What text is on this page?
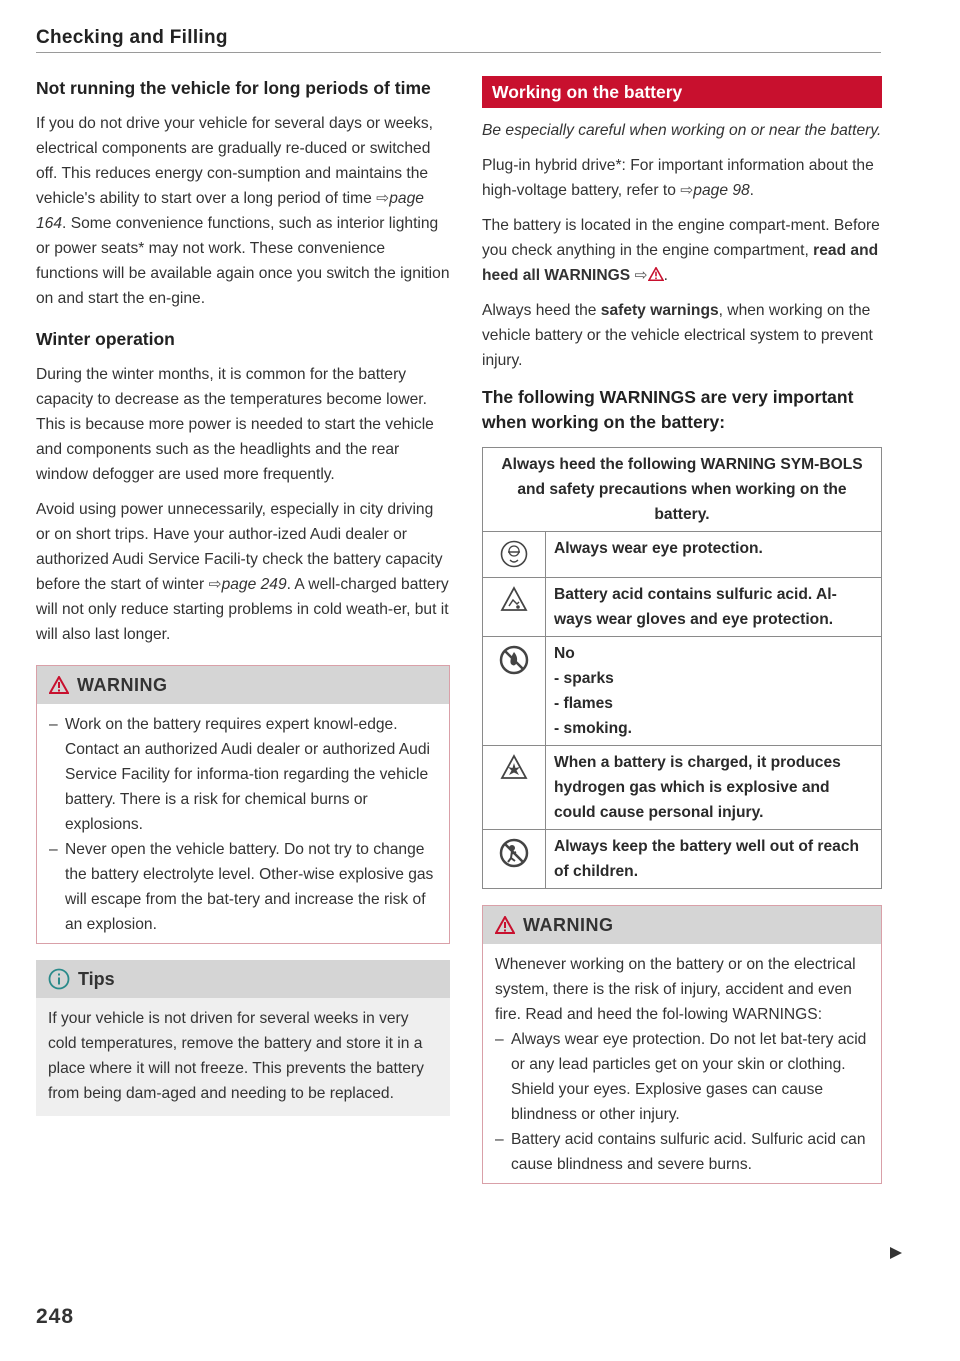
Checking and Filling
Not running the vehicle for long periods of time

If you do not drive your vehicle for several days or weeks, electrical components are gradually re-duced or switched off. This reduces energy con-sumption and maintains the vehicle's ability to start over a long period of time ⇨page 164. Some convenience functions, such as interior lighting or power seats* may not work. These convenience functions will be available again once you switch the ignition on and start the en-gine.

Winter operation

During the winter months, it is common for the battery capacity to decrease as the temperatures become lower. This is because more power is needed to start the vehicle and components such as the headlights and the rear window defogger are used more frequently.

Avoid using power unnecessarily, especially in city driving or on short trips. Have your author-ized Audi dealer or authorized Audi Service Facili-ty check the battery capacity before the start of winter ⇨page 249. A well-charged battery will not only reduce starting problems in cold weath-er, but it will also last longer.

WARNING
– Work on the battery requires expert knowl-edge. Contact an authorized Audi dealer or authorized Audi Service Facility for informa-tion regarding the vehicle battery. There is a risk for chemical burns or explosions.
– Never open the vehicle battery. Do not try to change the battery electrolyte level. Other-wise explosive gas will escape from the bat-tery and increase the risk of an explosion.
Tips

If your vehicle is not driven for several weeks in very cold temperatures, remove the battery and store it in a place where it will not freeze. This prevents the battery from being dam-aged and needing to be replaced.

Working on the battery

Be especially careful when working on or near the battery.

Plug-in hybrid drive*: For important information about the high-voltage battery, refer to ⇨page 98.

The battery is located in the engine compart-ment. Before you check anything in the engine compartment, read and heed all WARNINGS ⇨ .

Always heed the safety warnings, when working on the vehicle battery or the vehicle electrical system to prevent injury.

The following WARNINGS are very important when working on the battery:
Always heed the following WARNING SYM-BOLS and safety precautions when working on the battery.	
	Always wear eye protection.
	Battery acid contains sulfuric acid. Al-ways wear gloves and eye protection.

No
- sparks
- flames
- smoking.

	When a battery is charged, it produces hydrogen gas which is explosive and could cause personal injury.
	Always keep the battery well out of reach of children.
WARNING

Whenever working on the battery or on the electrical system, there is the risk of injury, accident and even fire. Read and heed the fol-lowing WARNINGS:

– Always wear eye protection. Do not let bat-tery acid or any lead particles get on your skin or clothing. Shield your eyes. Explosive gases can cause blindness or other injury.
– Battery acid contains sulfuric acid. Sulfuric acid can cause blindness and severe burns.
248
